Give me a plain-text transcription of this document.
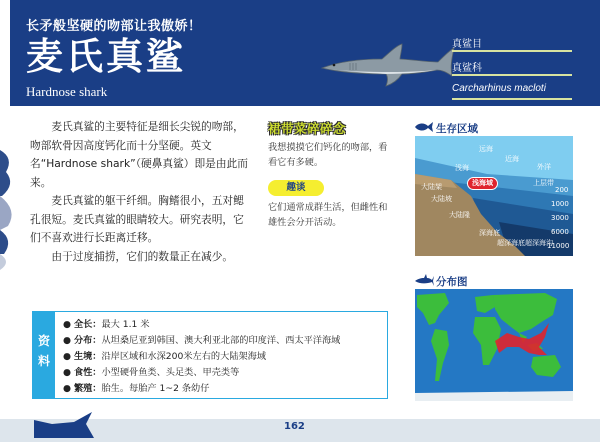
长矛般坚硬的吻部让我傲娇！
麦氏真鲨
Hardnose shark
真鲨目
真鲨科
Carcharhinus macloti

麦氏真鲨的主要特征是细长尖锐的吻部，吻部软骨因高度钙化而十分坚硬。英文名“Hardnose shark”（硬鼻真鲨）即是由此而来。

麦氏真鲨的躯干纤细。胸鳍很小，五对鳃孔很短。麦氏真鲨的眼睛较大。研究表明，它们不喜欢进行长距离迁移。

由于过度捕捞，它们的数量正在减少。

裙带菜碎碎念
我想摸摸它们钙化的吻部，看看它有多硬。
趣谈
它们通常成群生活，但雌性和雄性会分开活动。
生存区域
远海
近海
外洋
浅海
大陆架
大陆坡
大陆隆
深海底
超深海底 超深海沟
上层带
浅海域
200
1000
3000
6000
11000
分布图
资
料
● 全长：最大 1.1 米
● 分布：从坦桑尼亚到韩国、澳大利亚北部的印度洋、西太平洋海域
● 生境：沿岸区域和水深200米左右的大陆架海域
● 食性：小型硬骨鱼类、头足类、甲壳类等
● 繁殖：胎生。每胎产 1~2 条幼仔
162
